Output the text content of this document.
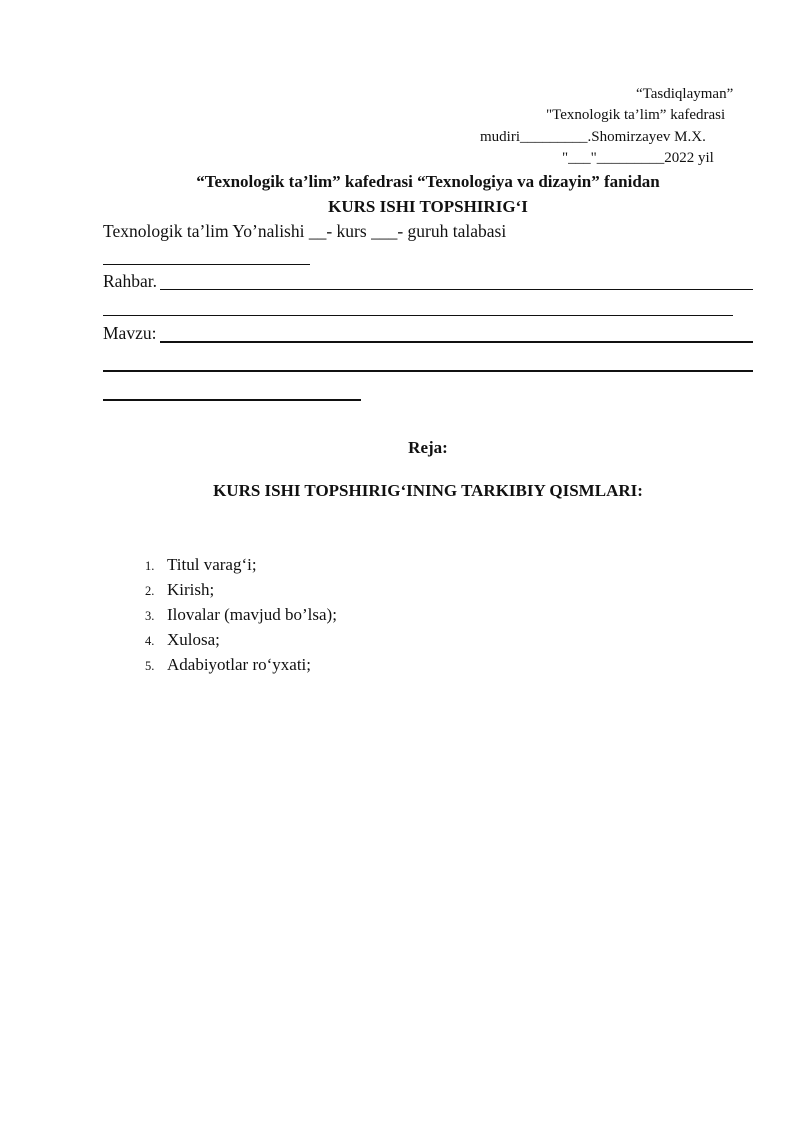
“Tasdiqlayman”
"Texnologik ta’lim” kafedrasi
mudiri_________.Shomirzayev M.X.
"___"_________2022 yil
“Texnologik ta’lim” kafedrasi “Texnologiya va dizayin” fanidan
KURS ISHI TOPSHIRIG‘I
Texnologik ta’lim Yo’nalishi __- kurs ___- guruh talabasi
Rahbar.
Mavzu:
Reja:
KURS ISHI TOPSHIRIG‘INING TARKIBIY QISMLARI:
1. Titul varag‘i;
2. Kirish;
3. Ilovalar (mavjud bo’lsa);
4. Xulosa;
5. Adabiyotlar ro‘yxati;
